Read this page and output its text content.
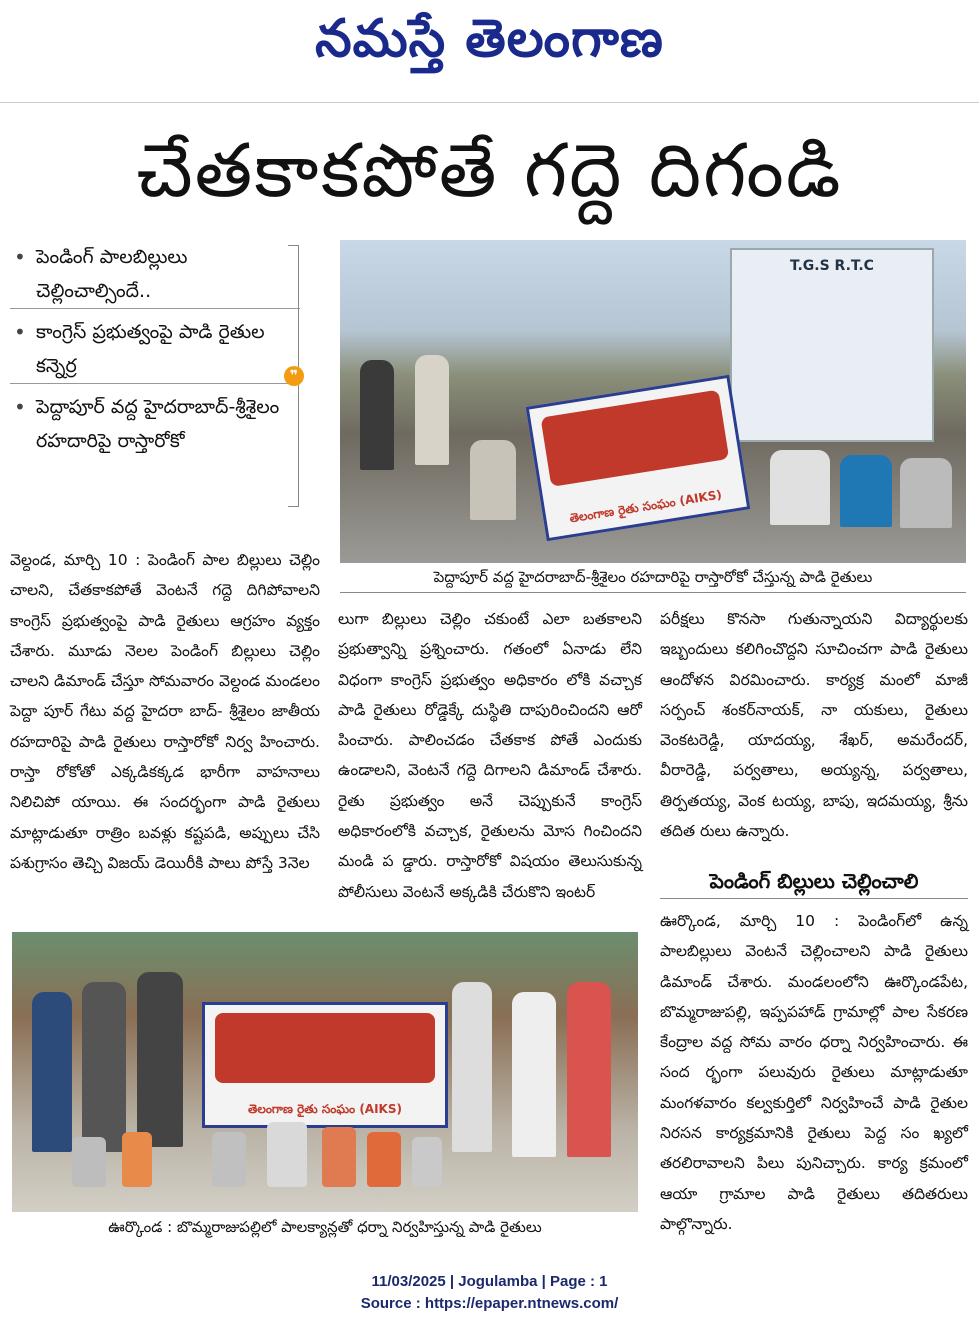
నమస్తే తెలంగాణ
చేతకాకపోతే గద్దె దిగండి
• పెండింగ్ పాలబిల్లులు చెల్లించాల్సిందే..
• కాంగ్రెస్ ప్రభుత్వంపై పాడి రైతుల కన్నెర్ర
• పెద్దాపూర్ వద్ద హైదరాబాద్-శ్రీశైలం రహదారిపై రాస్తారోకో
❞
T.G.S R.T.C
తెలంగాణ రైతు సంఘం (AIKS)
పెద్దాపూర్ వద్ద హైదరాబాద్-శ్రీశైలం రహదారిపై రాస్తారోకో చేస్తున్న పాడి రైతులు

వెల్దండ, మార్చి 10 : పెండింగ్ పాల బిల్లులు చెల్లిం చాలని, చేతకాకపోతే వెంటనే గద్దె దిగిపోవాలని కాంగ్రెస్ ప్రభుత్వంపై పాడి రైతులు ఆగ్రహం వ్యక్తం చేశారు. మూడు నెలల పెండింగ్ బిల్లులు చెల్లిం చాలని డిమాండ్ చేస్తూ సోమవారం వెల్దండ మండలం పెద్దా పూర్ గేటు వద్ద హైదరా బాద్- శ్రీశైలం జాతీయ రహదారిపై పాడి రైతులు రాస్తారోకో నిర్వ హించారు. రాస్తా రోకోతో ఎక్కడికక్కడ భారీగా వాహనాలు నిలిచిపో యాయి. ఈ సందర్భంగా పాడి రైతులు మాట్లాడుతూ రాత్రిం బవళ్లు కష్టపడి, అప్పులు చేసి పశుగ్రాసం తెచ్చి విజయ్ డెయిరీకి పాలు పోస్తే 3నెల

లుగా బిల్లులు చెల్లిం చకుంటే ఎలా బతకాలని ప్రభుత్వాన్ని ప్రశ్నించారు. గతంలో ఏనాడు లేని విధంగా కాంగ్రెస్ ప్రభుత్వం అధికారం లోకి వచ్చాక పాడి రైతులు రోడ్డెక్కే దుస్థితి దాపురించిందని ఆరో పించారు. పాలించడం చేతకాక పోతే ఎందుకు ఉండాలని, వెంటనే గద్దె దిగాలని డిమాండ్ చేశారు. రైతు ప్రభుత్వం అనే చెప్పుకునే కాంగ్రెస్ అధికారంలోకి వచ్చాక, రైతులను మోస గించిందని మండి ప డ్డారు. రాస్తారోకో విషయం తెలుసుకున్న పోలీసులు వెంటనే అక్కడికి చేరుకొని ఇంటర్

పరీక్షలు కొనసా గుతున్నాయని విద్యార్థులకు ఇబ్బందులు కలిగించొద్దని సూచించగా పాడి రైతులు ఆందోళన విరమించారు. కార్యక్ర మంలో మాజీ సర్పంచ్ శంకర్‌నాయక్, నా యకులు, రైతులు వెంకటరెడ్డి, యాదయ్య, శేఖర్, అమరేందర్, వీరారెడ్డి, పర్వతాలు, అయ్యన్న, పర్వతాలు, తిర్పతయ్య, వెంక టయ్య, బాపు, ఇదమయ్య, శ్రీను తదిత రులు ఉన్నారు.

పెండింగ్ బిల్లులు చెల్లించాలి

ఊర్కొండ, మార్చి 10 : పెండింగ్‌లో ఉన్న పాలబిల్లులు వెంటనే చెల్లించాలని పాడి రైతులు డిమాండ్ చేశారు. మండలంలోని ఊర్కొండపేట, బొమ్మరాజుపల్లి, ఇప్పపహాడ్ గ్రామాల్లో పాల సేకరణ కేంద్రాల వద్ద సోమ వారం ధర్నా నిర్వహించారు. ఈ సంద ర్భంగా పలువురు రైతులు మాట్లాడుతూ మంగళవారం కల్వకుర్తిలో నిర్వహించే పాడి రైతుల నిరసన కార్యక్రమానికి రైతులు పెద్ద సం ఖ్యలో తరలిరావాలని పిలు పునిచ్చారు. కార్య క్రమంలో ఆయా గ్రామాల పాడి రైతులు తదితరులు పాల్గొన్నారు.

తెలంగాణ రైతు సంఘం (AIKS)
ఊర్కొండ : బొమ్మరాజుపల్లిలో పాలక్యాన్లతో ధర్నా నిర్వహిస్తున్న పాడి రైతులు
11/03/2025 | Jogulamba | Page : 1
Source : https://epaper.ntnews.com/
